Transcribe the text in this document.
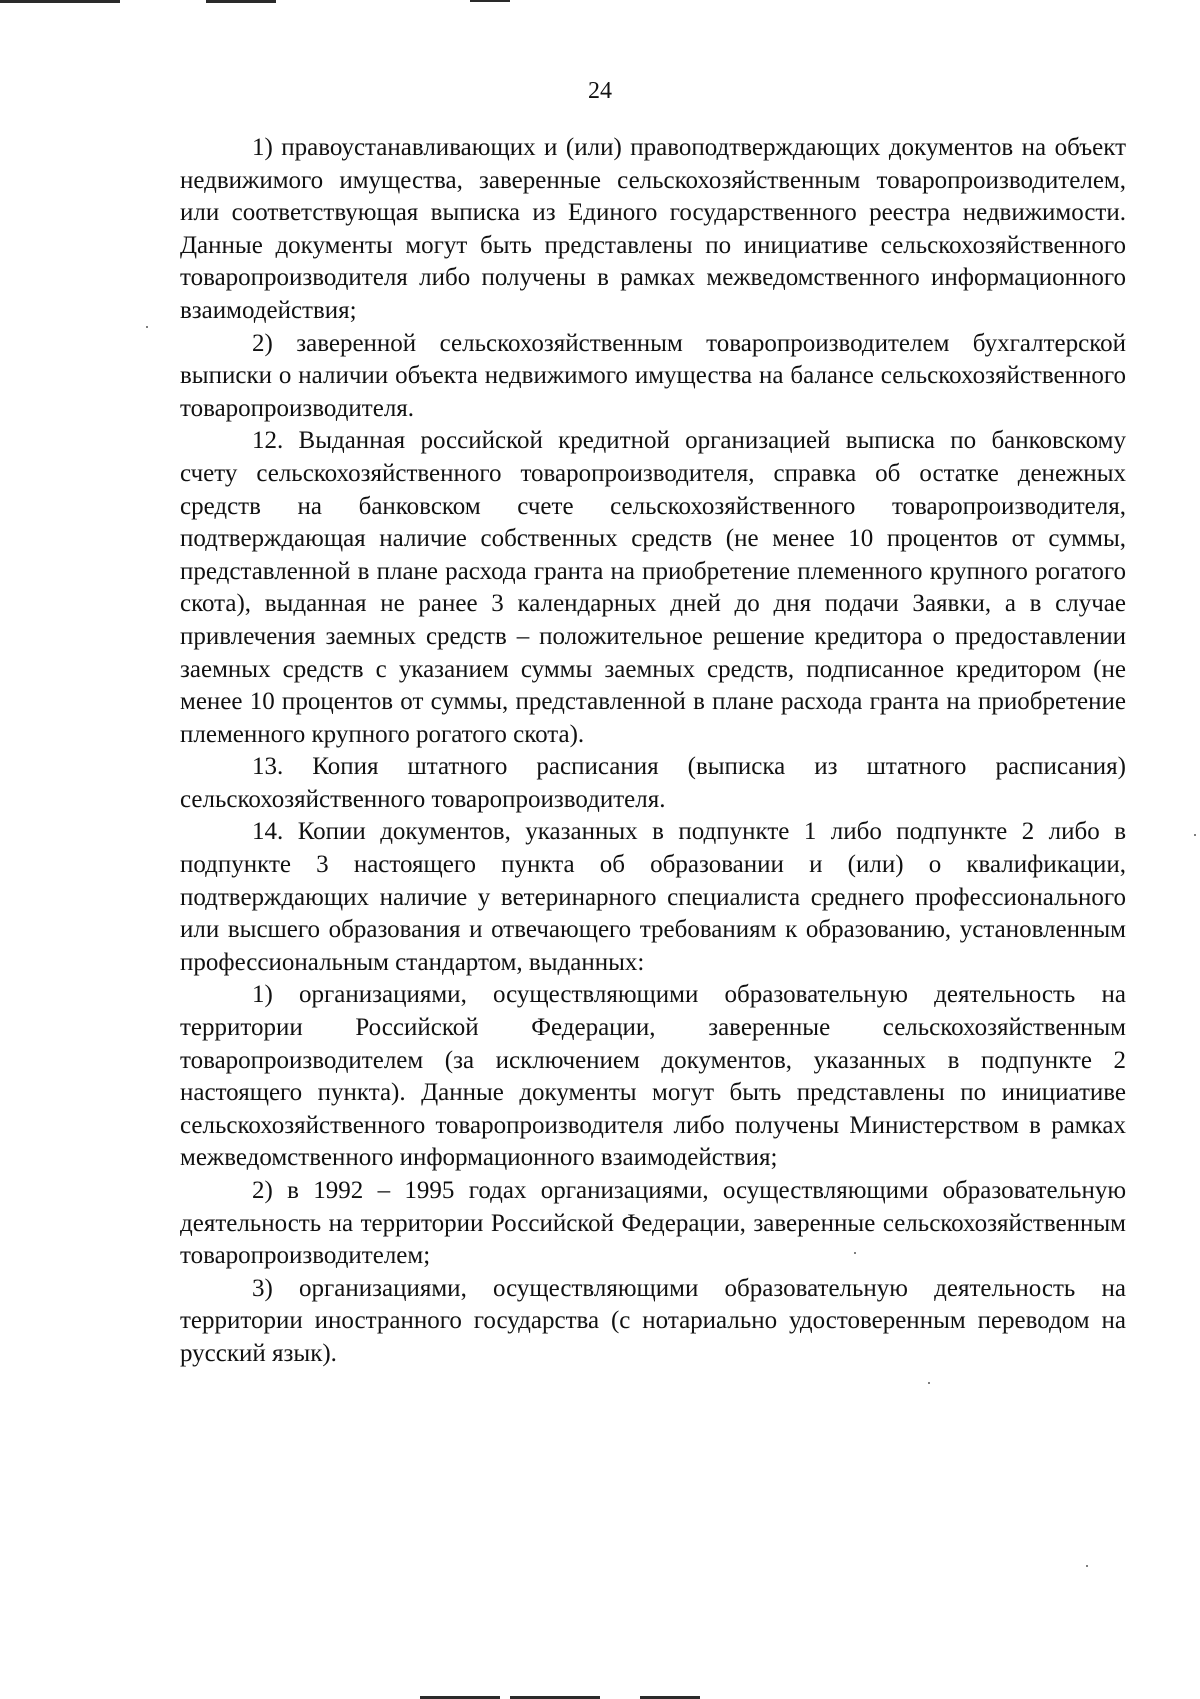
24

1) правоустанавливающих и (или) правоподтверждающих документов на объект недвижимого имущества, заверенные сельскохозяйственным товаропроизводителем, или соответствующая выписка из Единого государственного реестра недвижимости. Данные документы могут быть представлены по инициативе сельскохозяйственного товаропроизводителя либо получены в рамках межведомственного информационного взаимодействия;

2) заверенной сельскохозяйственным товаропроизводителем бухгалтерской выписки о наличии объекта недвижимого имущества на балансе сельскохозяйственного товаропроизводителя.

12. Выданная российской кредитной организацией выписка по банковскому счету сельскохозяйственного товаропроизводителя, справка об остатке денежных средств на банковском счете сельскохозяйственного товаропроизводителя, подтверждающая наличие собственных средств (не менее 10 процентов от суммы, представленной в плане расхода гранта на приобретение племенного крупного рогатого скота), выданная не ранее 3 календарных дней до дня подачи Заявки, а в случае привлечения заемных средств – положительное решение кредитора о предоставлении заемных средств с указанием суммы заемных средств, подписанное кредитором (не менее 10 процентов от суммы, представленной в плане расхода гранта на приобретение племенного крупного рогатого скота).

13. Копия штатного расписания (выписка из штатного расписания) сельскохозяйственного товаропроизводителя.

14. Копии документов, указанных в подпункте 1 либо подпункте 2 либо в подпункте 3 настоящего пункта об образовании и (или) о квалификации, подтверждающих наличие у ветеринарного специалиста среднего профессионального или высшего образования и отвечающего требованиям к образованию, установленным профессиональным стандартом, выданных:

1) организациями, осуществляющими образовательную деятельность на территории Российской Федерации, заверенные сельскохозяйственным товаропроизводителем (за исключением документов, указанных в подпункте 2 настоящего пункта). Данные документы могут быть представлены по инициативе сельскохозяйственного товаропроизводителя либо получены Министерством в рамках межведомственного информационного взаимодействия;

2) в 1992 – 1995 годах организациями, осуществляющими образовательную деятельность на территории Российской Федерации, заверенные сельскохозяйственным товаропроизводителем;

3) организациями, осуществляющими образовательную деятельность на территории иностранного государства (с нотариально удостоверенным переводом на русский язык).
